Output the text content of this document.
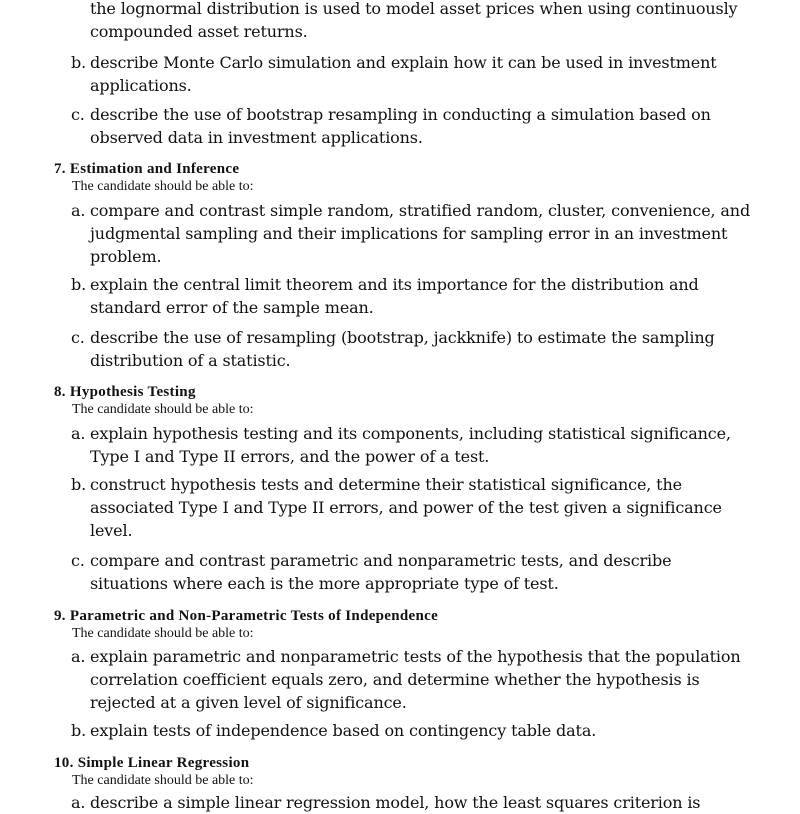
the lognormal distribution is used to model asset prices when using continuously compounded asset returns.
b. describe Monte Carlo simulation and explain how it can be used in investment applications.
c. describe the use of bootstrap resampling in conducting a simulation based on observed data in investment applications.
7. Estimation and Inference
The candidate should be able to:
a. compare and contrast simple random, stratified random, cluster, convenience, and judgmental sampling and their implications for sampling error in an investment problem.
b. explain the central limit theorem and its importance for the distribution and standard error of the sample mean.
c. describe the use of resampling (bootstrap, jackknife) to estimate the sampling distribution of a statistic.
8. Hypothesis Testing
The candidate should be able to:
a. explain hypothesis testing and its components, including statistical significance, Type I and Type II errors, and the power of a test.
b. construct hypothesis tests and determine their statistical significance, the associated Type I and Type II errors, and power of the test given a significance level.
c. compare and contrast parametric and nonparametric tests, and describe situations where each is the more appropriate type of test.
9. Parametric and Non-Parametric Tests of Independence
The candidate should be able to:
a. explain parametric and nonparametric tests of the hypothesis that the population correlation coefficient equals zero, and determine whether the hypothesis is rejected at a given level of significance.
b. explain tests of independence based on contingency table data.
10. Simple Linear Regression
The candidate should be able to:
a. describe a simple linear regression model, how the least squares criterion is
